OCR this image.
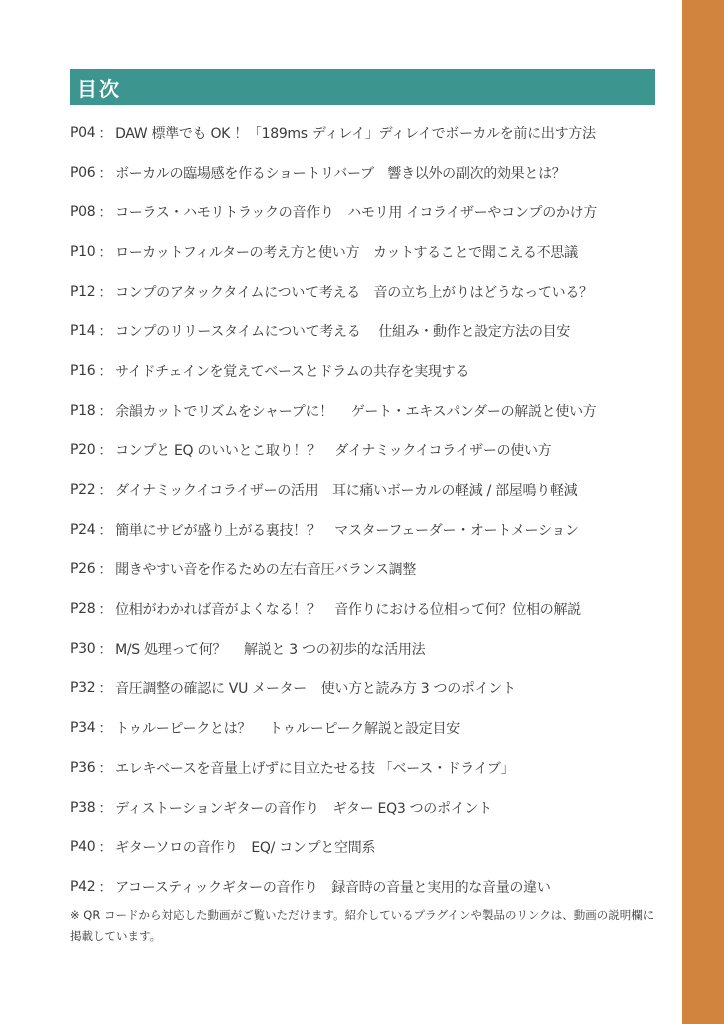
目次
P04 ： DAW 標準でも OK ！「189ms ディレイ」ディレイでボーカルを前に出す方法
P06 ： ボーカルの臨場感を作るショートリバーブ　響き以外の副次的効果とは？
P08 ： コーラス・ハモリトラックの音作り　ハモリ用 イコライザーやコンプのかけ方
P10 ： ローカットフィルターの考え方と使い方　カットすることで聞こえる不思議
P12 ： コンプのアタックタイムについて考える　音の立ち上がりはどうなっている？
P14 ： コンプのリリースタイムについて考える　 仕組み・動作と設定方法の目安
P16 ： サイドチェインを覚えてベースとドラムの共存を実現する
P18 ： 余韻カットでリズムをシャープに！　 ゲート・エキスパンダーの解説と使い方
P20 ： コンプと EQ のいいとこ取り！？　ダイナミックイコライザーの使い方
P22 ： ダイナミックイコライザーの活用　耳に痛いボーカルの軽減 / 部屋鳴り軽減
P24 ： 簡単にサビが盛り上がる裏技！？　マスターフェーダー・オートメーション
P26 ： 聞きやすい音を作るための左右音圧バランス調整
P28 ： 位相がわかれば音がよくなる！？　音作りにおける位相って何？位相の解説
P30 ： M/S 処理って何？　 解説と 3 つの初歩的な活用法
P32 ： 音圧調整の確認に VU メーター　使い方と読み方 3 つのポイント
P34 ： トゥルーピークとは？　 トゥルーピーク解説と設定目安
P36 ： エレキベースを音量上げずに目立たせる技 「ベース・ドライブ」
P38 ： ディストーションギターの音作り　ギター EQ3 つのポイント
P40 ： ギターソロの音作り　EQ/ コンプと空間系
P42 ： アコースティックギターの音作り　録音時の音量と実用的な音量の違い
※ QR コードから対応した動画がご覧いただけます。紹介しているプラグインや製品のリンクは、動画の説明欄に掲載しています。
